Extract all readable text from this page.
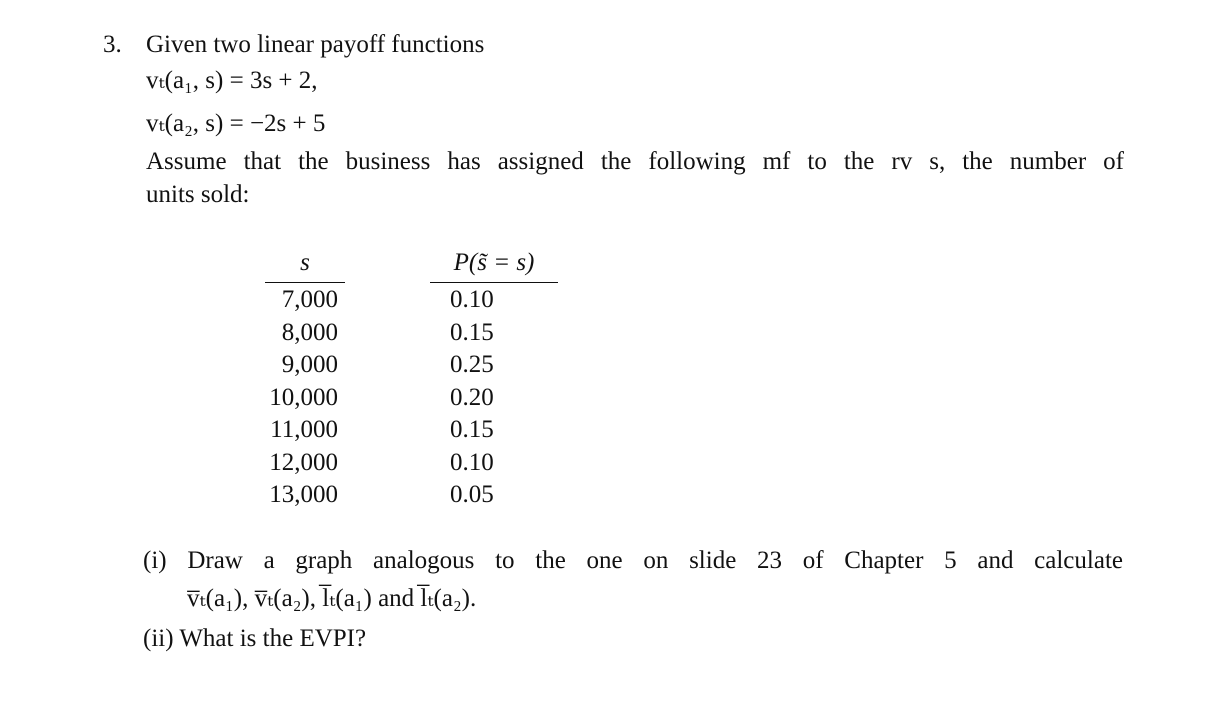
3. Given two linear payoff functions
vₜ(a₁, s) = 3s + 2,
vₜ(a₂, s) = −2s + 5
Assume that the business has assigned the following mf to the rv s, the number of
units sold:
s	P(s̃ = s)
7,000
8,000
9,000
10,000
11,000
12,000
13,000
0.10
0.15
0.25
0.20
0.15
0.10
0.05
(i) Draw a graph analogous to the one on slide 23 of Chapter 5 and calculate
v̅ₜ(a₁), v̅ₜ(a₂), l̅ₜ(a₁) and l̅ₜ(a₂).
(ii) What is the EVPI?
